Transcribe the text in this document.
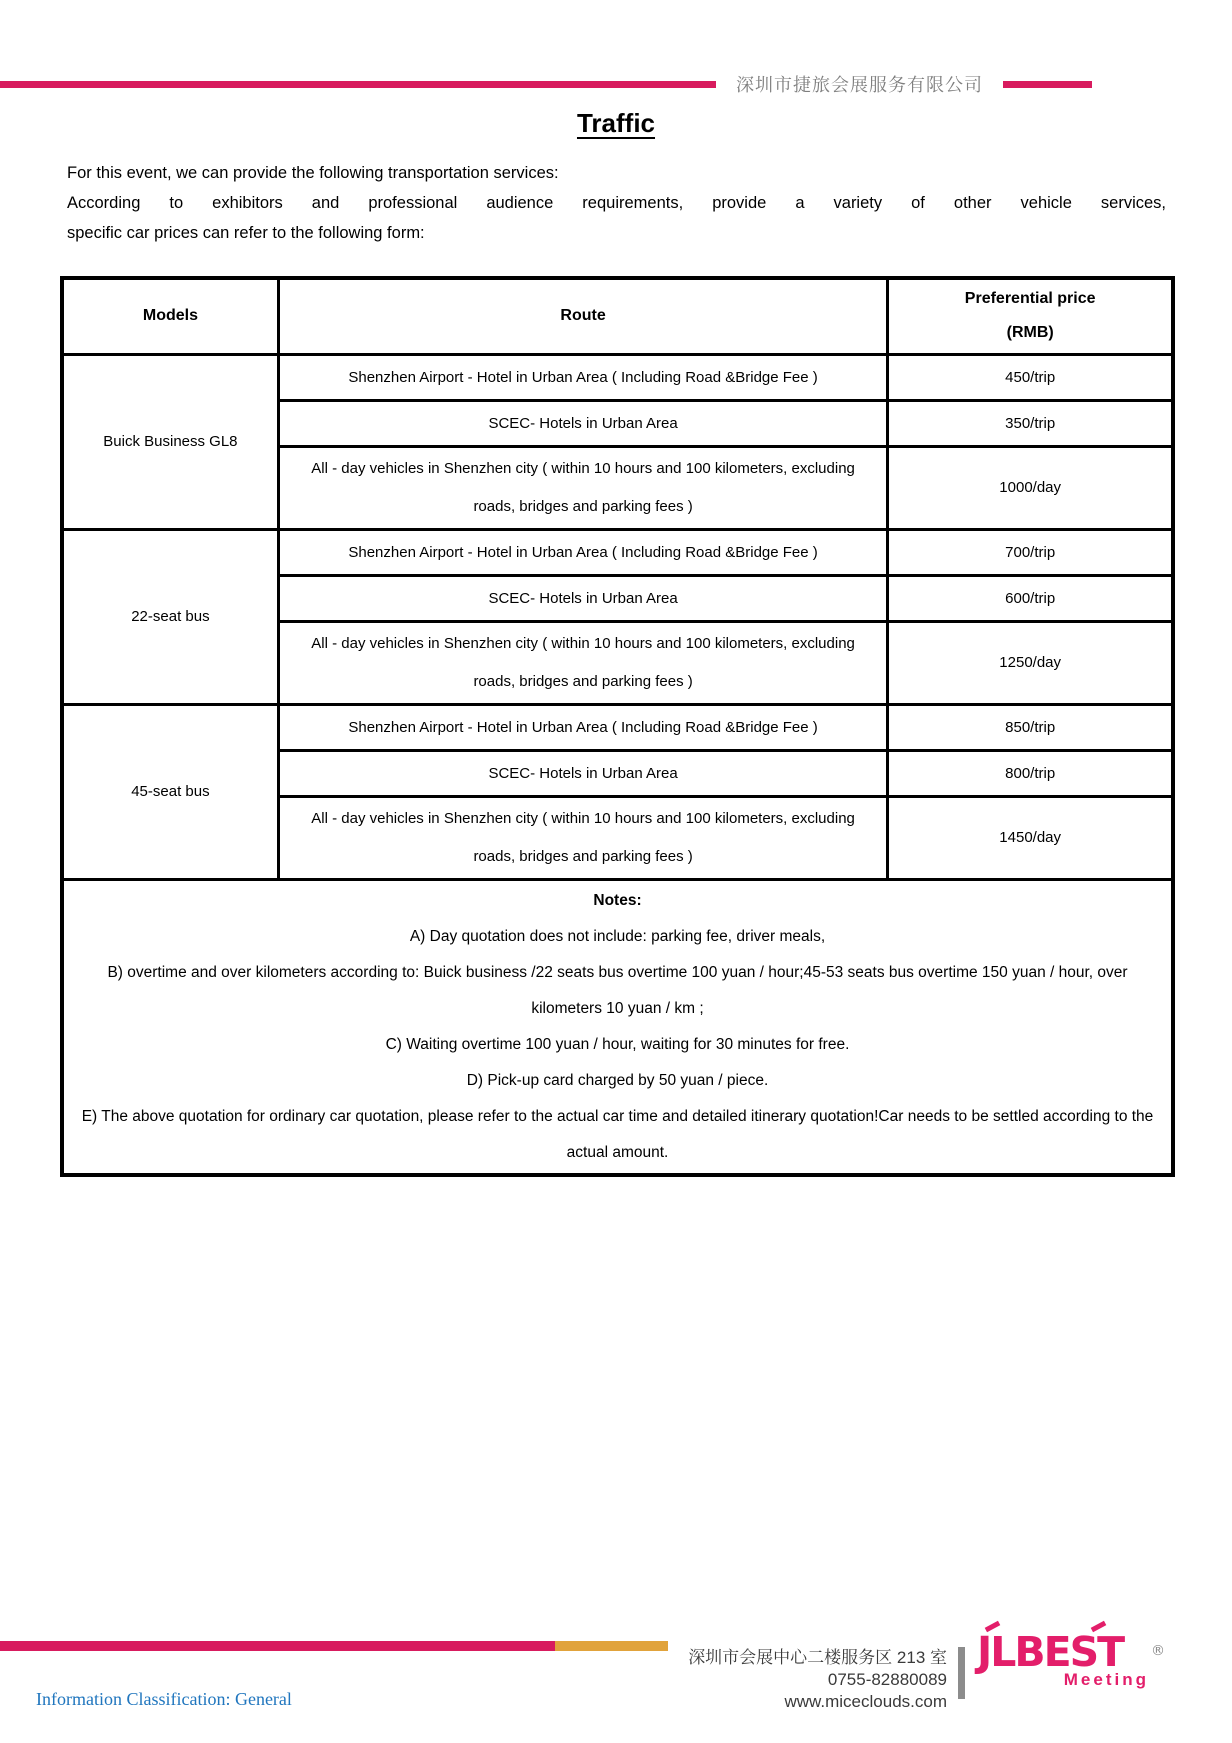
深圳市捷旅会展服务有限公司
Traffic

For this event, we can provide the following transportation services:

According to exhibitors and professional audience requirements, provide a variety of other vehicle services,

specific car prices can refer to the following form:

Models	Route	Preferential price
(RMB)

Buick Business GL8	Shenzhen Airport - Hotel in Urban Area ( Including Road &Bridge Fee )	450/trip
	SCEC- Hotels in Urban Area	350/trip
	All - day vehicles in Shenzhen city ( within 10 hours and 100 kilometers, excluding roads, bridges and parking fees )	1000/day
22-seat bus	Shenzhen Airport - Hotel in Urban Area ( Including Road &Bridge Fee )	700/trip
	SCEC- Hotels in Urban Area	600/trip
	All - day vehicles in Shenzhen city ( within 10 hours and 100 kilometers, excluding roads, bridges and parking fees )	1250/day
45-seat bus	Shenzhen Airport - Hotel in Urban Area ( Including Road &Bridge Fee )	850/trip
	SCEC- Hotels in Urban Area	800/trip
	All - day vehicles in Shenzhen city ( within 10 hours and 100 kilometers, excluding roads, bridges and parking fees )	1450/day

Notes:

A) Day quotation does not include: parking fee, driver meals,

B) overtime and over kilometers according to: Buick business /22 seats bus overtime 100 yuan / hour;45-53 seats bus overtime 150 yuan / hour, over kilometers 10 yuan / km ;

C) Waiting overtime 100 yuan / hour, waiting for 30 minutes for free.

D) Pick-up card charged by 50 yuan / piece.

E) The above quotation for ordinary car quotation, please refer to the actual car time and detailed itinerary quotation!Car needs to be settled according to the actual amount.

深圳市会展中心二楼服务区 213 室
0755-82880089
www.miceclouds.com
JLBEST ®
Meeting
Information Classification: General
